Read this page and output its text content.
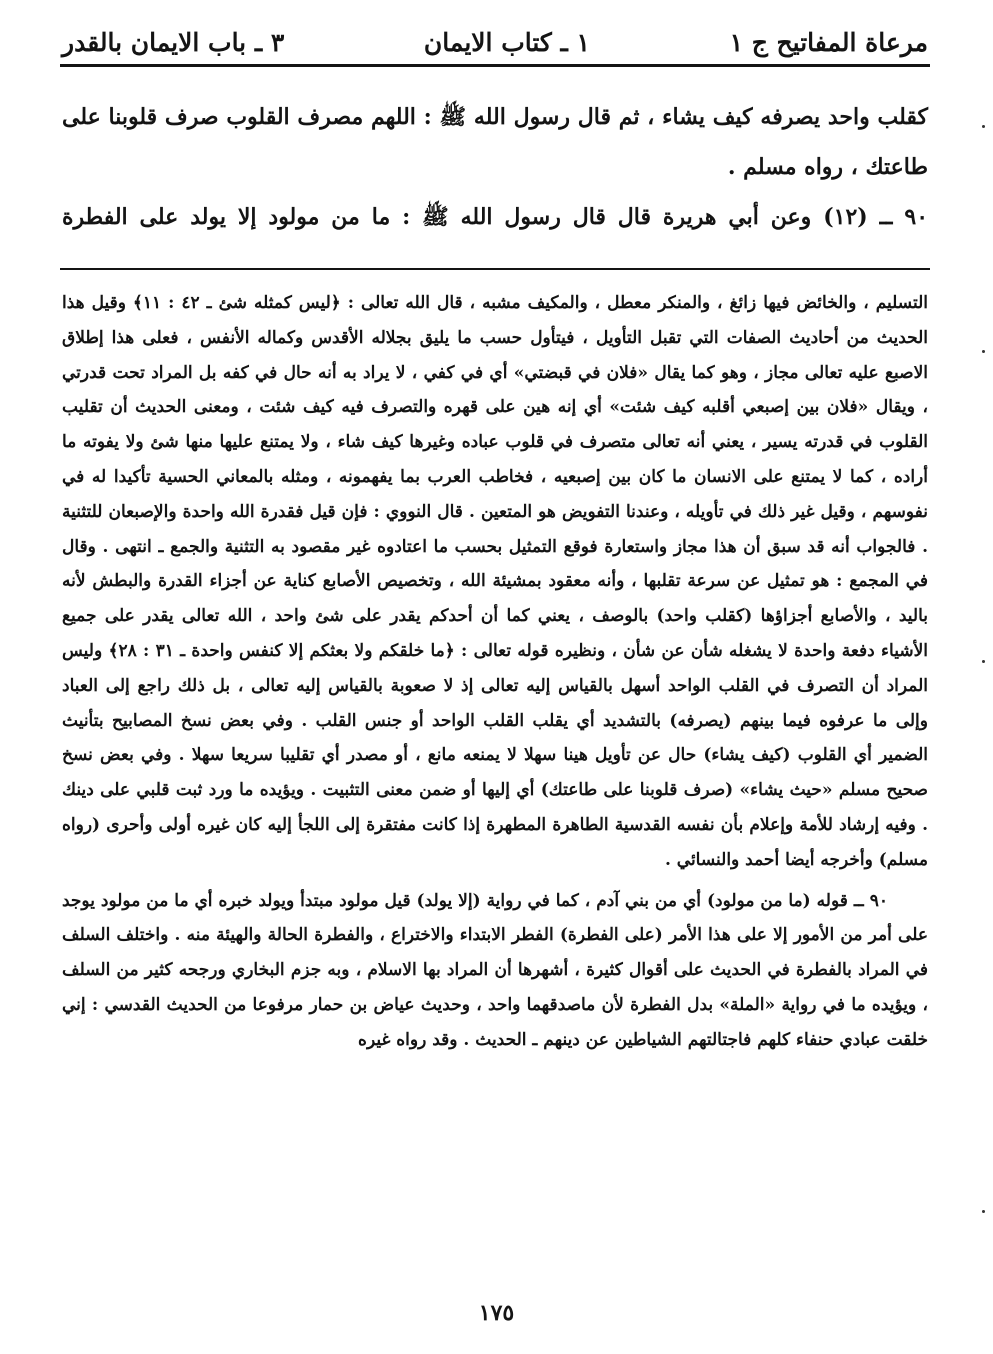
مرعاة المفاتيح ج ١
١ ـ كتاب الايمان
٣ ـ باب الايمان بالقدر

كقلب واحد يصرفه كيف يشاء ، ثم قال رسول الله ﷺ : اللهم مصرف القلوب صرف قلوبنا على طاعتك ، رواه مسلم .

٩٠ ــ (١٢) وعن أبي هريرة قال قال رسول الله ﷺ : ما من مولود إلا يولد على الفطرة

التسليم ، والخائض فيها زائغ ، والمنكر معطل ، والمكيف مشبه ، قال الله تعالى : ﴿ليس كمثله شئ ـ ٤٢ : ١١﴾ وقيل هذا الحديث من أحاديث الصفات التي تقبل التأويل ، فيتأول حسب ما يليق بجلاله الأقدس وكماله الأنفس ، فعلى هذا إطلاق الاصبع عليه تعالى مجاز ، وهو كما يقال «فلان في قبضتي» أي في كفي ، لا يراد به أنه حال في كفه بل المراد تحت قدرتي ، ويقال «فلان بين إصبعي أقلبه كيف شئت» أي إنه هين على قهره والتصرف فيه كيف شئت ، ومعنى الحديث أن تقليب القلوب في قدرته يسير ، يعني أنه تعالى متصرف في قلوب عباده وغيرها كيف شاء ، ولا يمتنع عليها منها شئ ولا يفوته ما أراده ، كما لا يمتنع على الانسان ما كان بين إصبعيه ، فخاطب العرب بما يفهمونه ، ومثله بالمعاني الحسية تأكيدا له في نفوسهم ، وقيل غير ذلك في تأويله ، وعندنا التفويض هو المتعين . قال النووي : فإن قيل فقدرة الله واحدة والإصبعان للتثنية . فالجواب أنه قد سبق أن هذا مجاز واستعارة فوقع التمثيل بحسب ما اعتادوه غير مقصود به التثنية والجمع ـ انتهى . وقال في المجمع : هو تمثيل عن سرعة تقلبها ، وأنه معقود بمشيئة الله ، وتخصيص الأصابع كناية عن أجزاء القدرة والبطش لأنه باليد ، والأصابع أجزاؤها (كقلب واحد) بالوصف ، يعني كما أن أحدكم يقدر على شئ واحد ، الله تعالى يقدر على جميع الأشياء دفعة واحدة لا يشغله شأن عن شأن ، ونظيره قوله تعالى : ﴿ما خلقكم ولا بعثكم إلا كنفس واحدة ـ ٣١ : ٢٨﴾ وليس المراد أن التصرف في القلب الواحد أسهل بالقياس إليه تعالى إذ لا صعوبة بالقياس إليه تعالى ، بل ذلك راجع إلى العباد وإلى ما عرفوه فيما بينهم (يصرفه) بالتشديد أي يقلب القلب الواحد أو جنس القلب . وفي بعض نسخ المصابيح بتأنيث الضمير أي القلوب (كيف يشاء) حال عن تأويل هينا سهلا لا يمنعه مانع ، أو مصدر أي تقليبا سريعا سهلا . وفي بعض نسخ صحيح مسلم «حيث يشاء» (صرف قلوبنا على طاعتك) أي إليها أو ضمن معنى التثبيت . ويؤيده ما ورد ثبت قلبي على دينك . وفيه إرشاد للأمة وإعلام بأن نفسه القدسية الطاهرة المطهرة إذا كانت مفتقرة إلى اللجأ إليه كان غيره أولى وأحرى (رواه مسلم) وأخرجه أيضا أحمد والنسائي .

٩٠ ــ قوله (ما من مولود) أي من بني آدم ، كما في رواية (إلا يولد) قيل مولود مبتدأ ويولد خبره أي ما من مولود يوجد على أمر من الأمور إلا على هذا الأمر (على الفطرة) الفطر الابتداء والاختراع ، والفطرة الحالة والهيئة منه . واختلف السلف في المراد بالفطرة في الحديث على أقوال كثيرة ، أشهرها أن المراد بها الاسلام ، وبه جزم البخاري ورجحه كثير من السلف ، ويؤيده ما في رواية «الملة» بدل الفطرة لأن ماصدقهما واحد ، وحديث عياض بن حمار مرفوعا من الحديث القدسي : إني خلقت عبادي حنفاء كلهم فاجتالتهم الشياطين عن دينهم ـ الحديث . وقد رواه غيره

١٧٥
